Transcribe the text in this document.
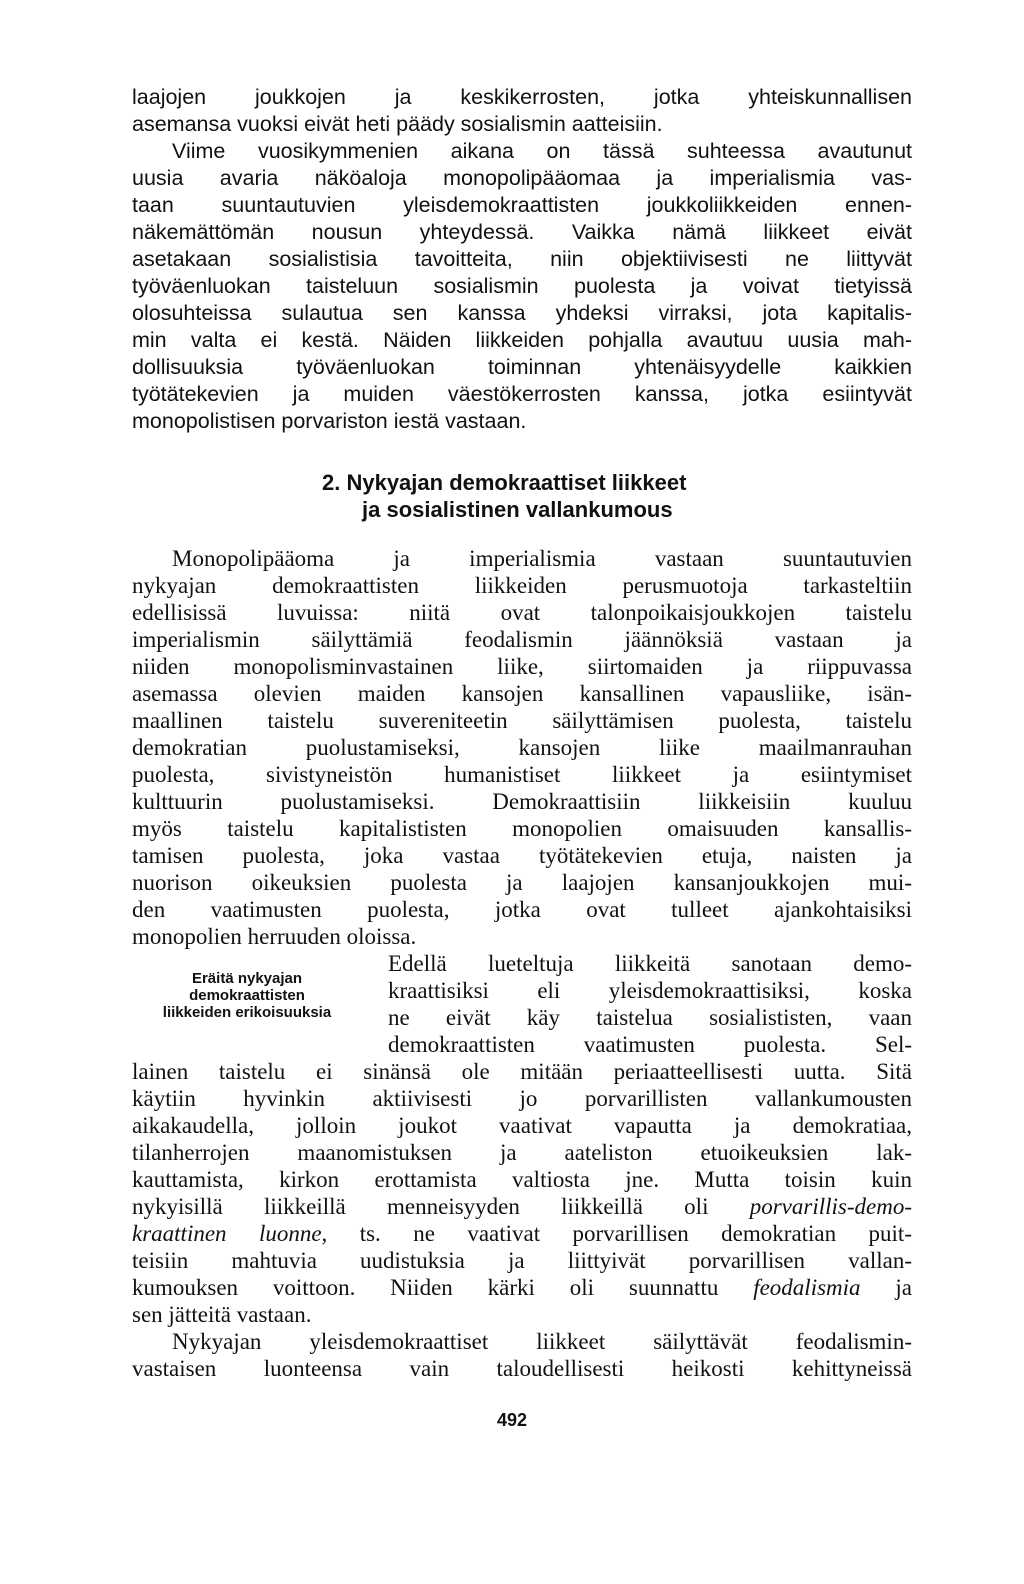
laajojen joukkojen ja keskikerrosten, jotka yhteiskunnallisen
asemansa vuoksi eivät heti päädy sosialismin aatteisiin.
Viime vuosikymmenien aikana on tässä suhteessa avautunut
uusia avaria näköaloja monopolipääomaa ja imperialismia vas-
taan suuntautuvien yleisdemokraattisten joukkoliikkeiden ennen-
näkemättömän nousun yhteydessä. Vaikka nämä liikkeet eivät
asetakaan sosialistisia tavoitteita, niin objektiivisesti ne liittyvät
työväenluokan taisteluun sosialismin puolesta ja voivat tietyissä
olosuhteissa sulautua sen kanssa yhdeksi virraksi, jota kapitalis-
min valta ei kestä. Näiden liikkeiden pohjalla avautuu uusia mah-
dollisuuksia työväenluokan toiminnan yhtenäisyydelle kaikkien
työtätekevien ja muiden väestökerrosten kanssa, jotka esiintyvät
monopolistisen porvariston iestä vastaan.
2. Nykyajan demokraattiset liikkeet
ja sosialistinen vallankumous
Monopolipääoma ja imperialismia vastaan suuntautuvien
nykyajan demokraattisten liikkeiden perusmuotoja tarkasteltiin
edellisissä luvuissa: niitä ovat talonpoikaisjoukkojen taistelu
imperialismin säilyttämiä feodalismin jäännöksiä vastaan ja
niiden monopolisminvastainen liike, siirtomaiden ja riippuvassa
asemassa olevien maiden kansojen kansallinen vapausliike, isän-
maallinen taistelu suvereniteetin säilyttämisen puolesta, taistelu
demokratian puolustamiseksi, kansojen liike maailmanrauhan
puolesta, sivistyneistön humanistiset liikkeet ja esiintymiset
kulttuurin puolustamiseksi. Demokraattisiin liikkeisiin kuuluu
myös taistelu kapitalististen monopolien omaisuuden kansallis-
tamisen puolesta, joka vastaa työtätekevien etuja, naisten ja
nuorison oikeuksien puolesta ja laajojen kansanjoukkojen mui-
den vaatimusten puolesta, jotka ovat tulleet ajankohtaisiksi
monopolien herruuden oloissa.
Eräitä nykyajan
demokraattisten
liikkeiden erikoisuuksia
Edellä lueteltuja liikkeitä sanotaan demo-
kraattisiksi eli yleisdemokraattisiksi, koska
ne eivät käy taistelua sosialististen, vaan
demokraattisten vaatimusten puolesta. Sel-
lainen taistelu ei sinänsä ole mitään periaatteellisesti uutta. Sitä
käytiin hyvinkin aktiivisesti jo porvarillisten vallankumousten
aikakaudella, jolloin joukot vaativat vapautta ja demokratiaa,
tilanherrojen maanomistuksen ja aateliston etuoikeuksien lak-
kauttamista, kirkon erottamista valtiosta jne. Mutta toisin kuin
nykyisillä liikkeillä menneisyyden liikkeillä oli porvarillis-demo-
kraattinen luonne, ts. ne vaativat porvarillisen demokratian puit-
teisiin mahtuvia uudistuksia ja liittyivät porvarillisen vallan-
kumouksen voittoon. Niiden kärki oli suunnattu feodalismia ja
sen jätteitä vastaan.
Nykyajan yleisdemokraattiset liikkeet säilyttävät feodalismin-
vastaisen luonteensa vain taloudellisesti heikosti kehittyneissä
492
